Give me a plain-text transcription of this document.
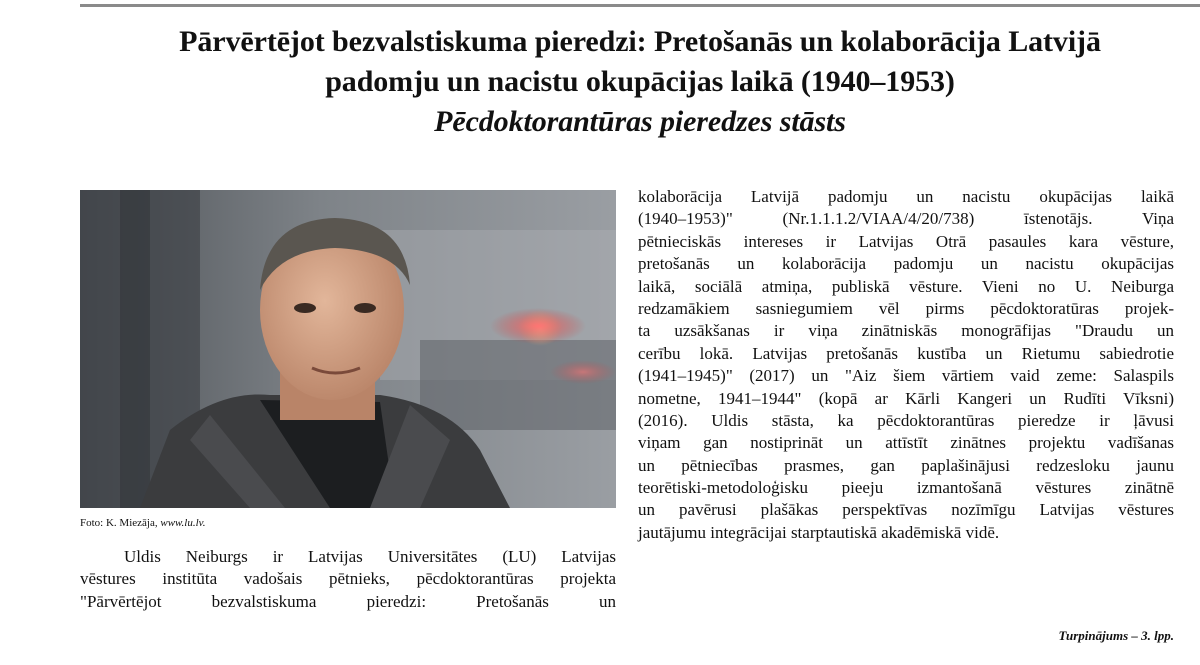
Pārvērtējot bezvalstiskuma pieredzi: Pretošanās un kolaborācija Latvijā
padomju un nacistu okupācijas laikā (1940–1953)
Pēcdoktorantūras pieredzes stāsts
Foto: K. Miezāja, www.lu.lv.
Uldis Neiburgs ir Latvijas Universitātes (LU) Latvijas
vēstures institūta vadošais pētnieks, pēcdoktorantūras projekta
"Pārvērtējot bezvalstiskuma pieredzi: Pretošanās un
kolaborācija Latvijā padomju un nacistu okupācijas laikā
(1940–1953)" (Nr.1.1.1.2/VIAA/4/20/738) īstenotājs. Viņa
pētnieciskās intereses ir Latvijas Otrā pasaules kara vēsture,
pretošanās un kolaborācija padomju un nacistu okupācijas
laikā, sociālā atmiņa, publiskā vēsture. Vieni no U. Neiburga
redzamākiem sasniegumiem vēl pirms pēcdoktoratūras projek-
ta uzsākšanas ir viņa zinātniskās monogrāfijas "Draudu un
cerību lokā. Latvijas pretošanās kustība un Rietumu sabiedrotie
(1941–1945)" (2017) un "Aiz šiem vārtiem vaid zeme: Salaspils
nometne, 1941–1944" (kopā ar Kārli Kangeri un Rudīti Vīksni)
(2016). Uldis stāsta, ka pēcdoktorantūras pieredze ir ļāvusi
viņam gan nostiprināt un attīstīt zinātnes projektu vadīšanas
un pētniecības prasmes, gan paplašinājusi redzesloku jaunu
teorētiski-metodoloģisku pieeju izmantošanā vēstures zinātnē
un pavērusi plašākas perspektīvas nozīmīgu Latvijas vēstures
jautājumu integrācijai starptautiskā akadēmiskā vidē.
Turpinājums – 3. lpp.
